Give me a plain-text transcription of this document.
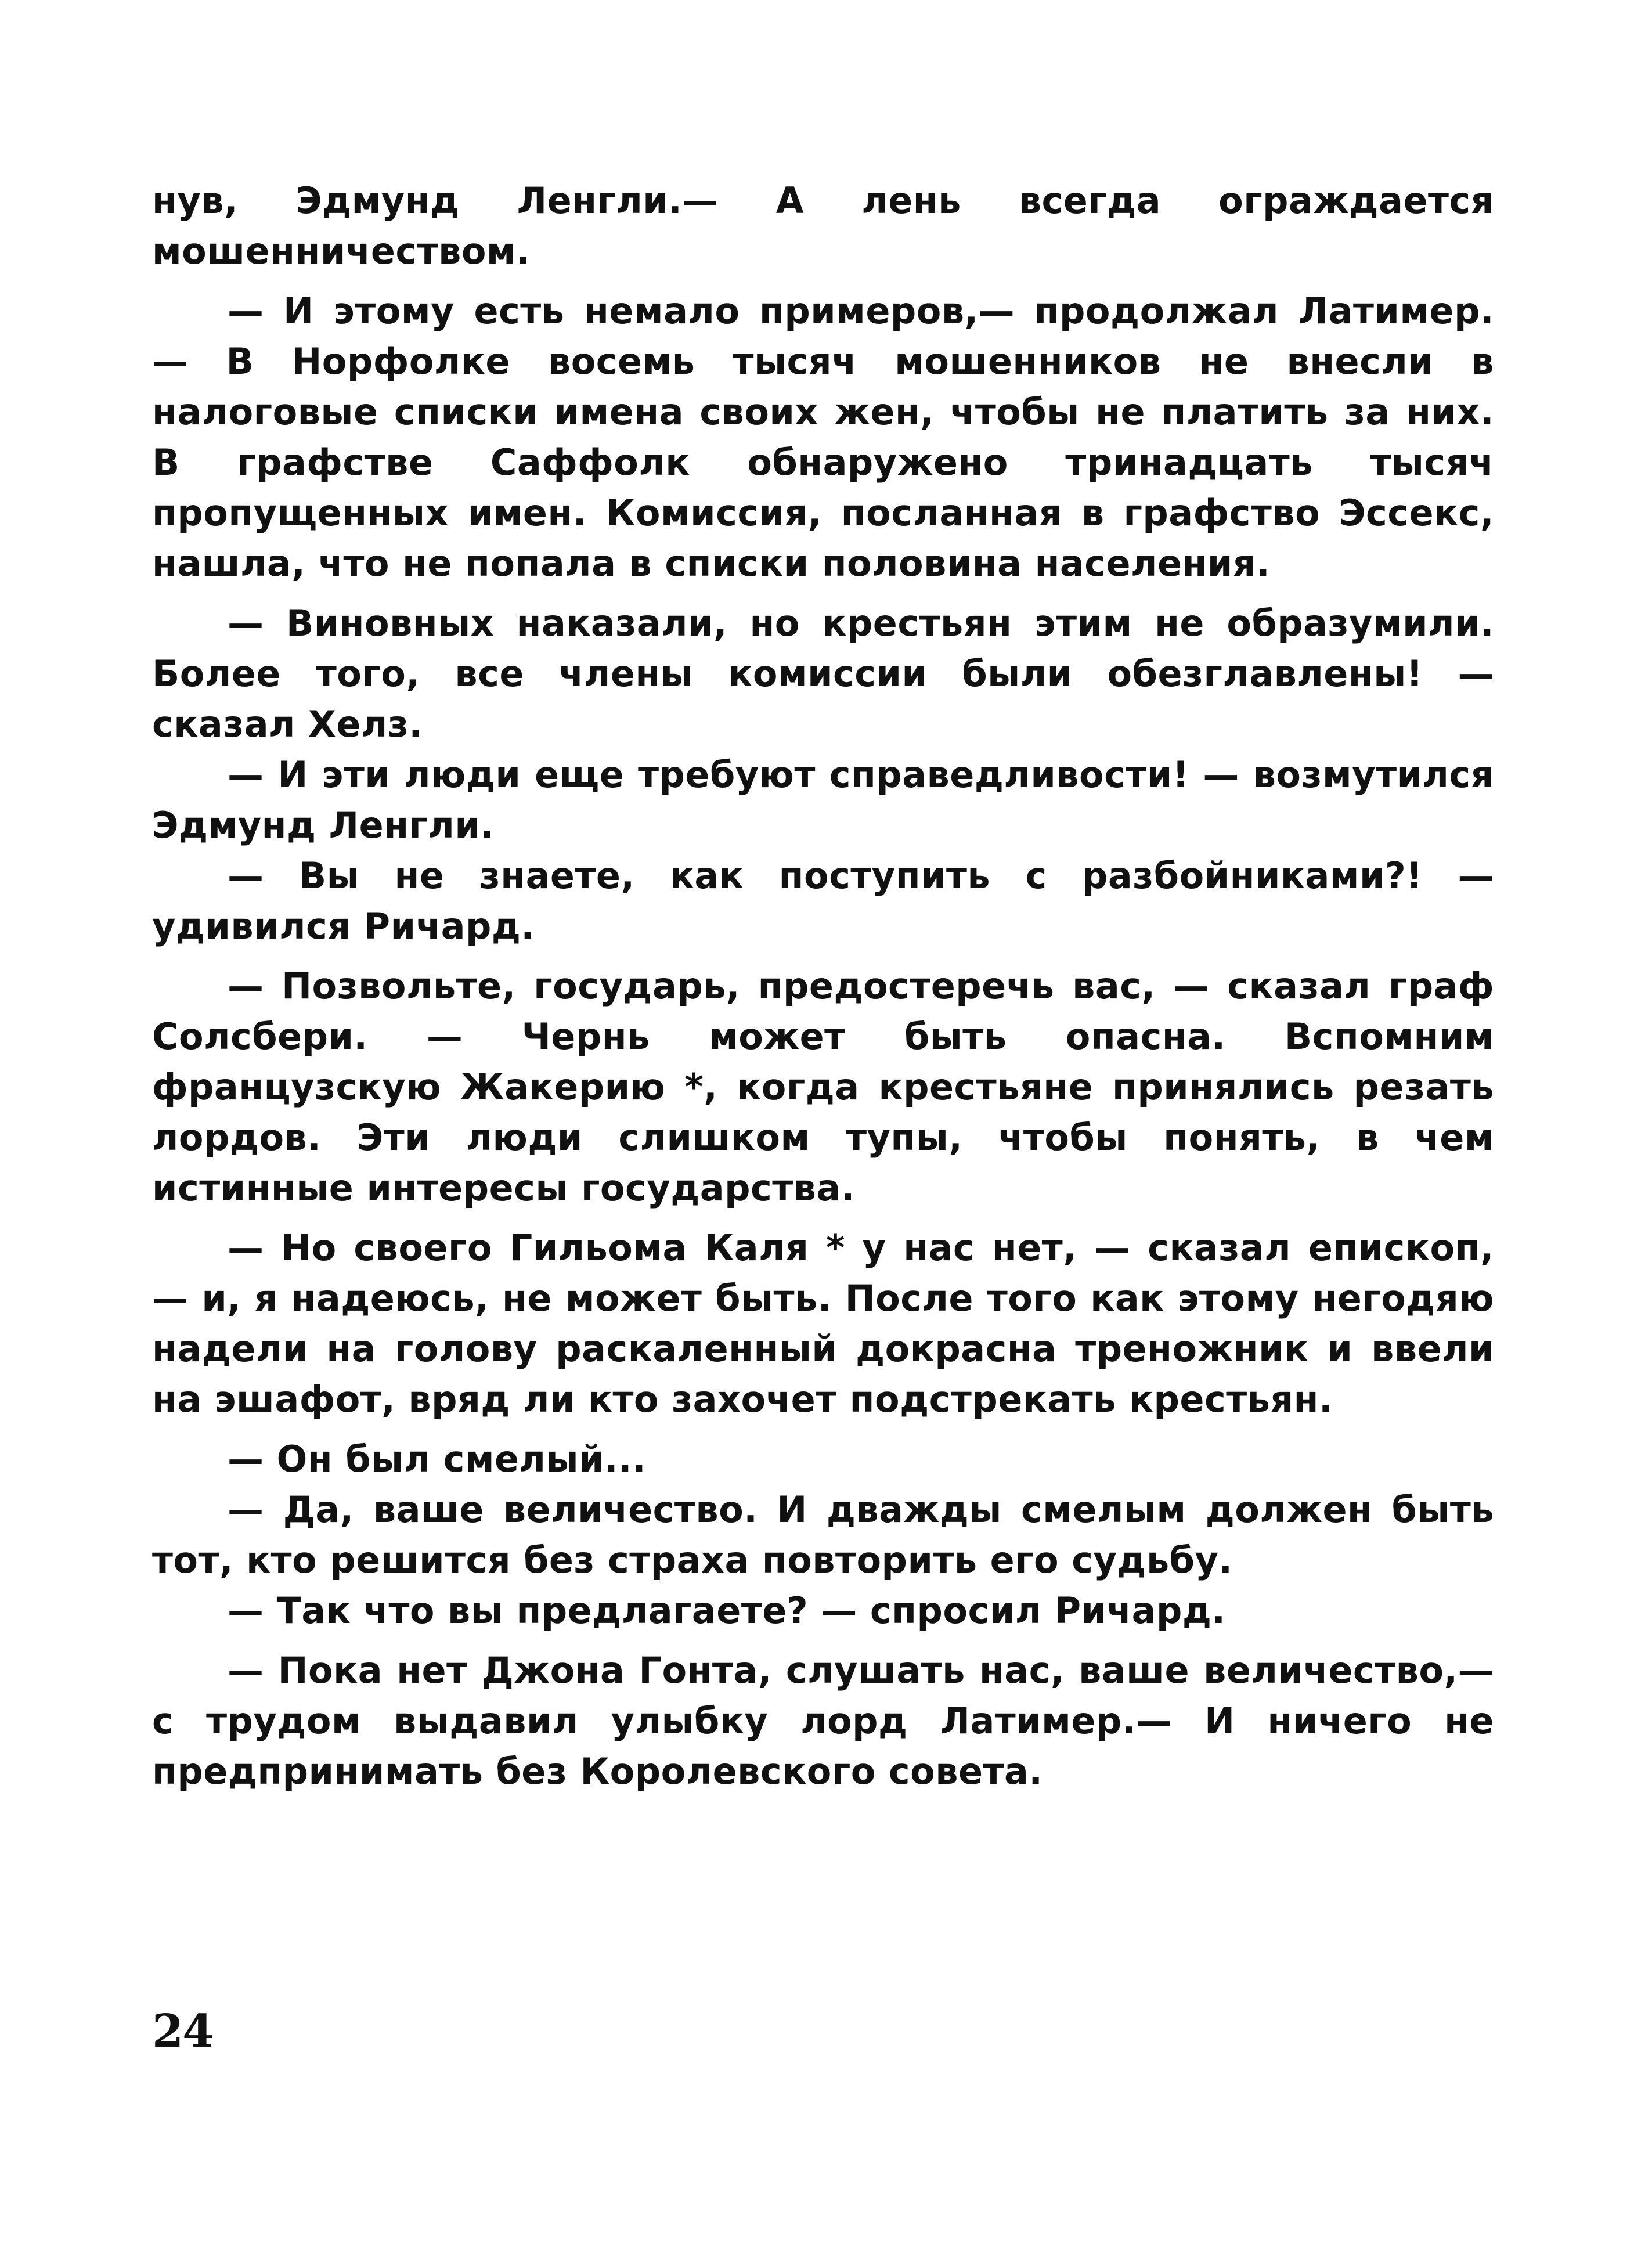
нув, Эдмунд Ленгли.— А лень всегда ограждается мошенничеством.

— И этому есть немало примеров,— продолжал Латимер. — В Норфолке восемь тысяч мошенников не внесли в налоговые списки имена своих жен, чтобы не платить за них. В графстве Саффолк обнаружено тринадцать тысяч пропущенных имен. Комиссия, посланная в графство Эссекс, нашла, что не попала в списки половина населения.

— Виновных наказали, но крестьян этим не образумили. Более того, все члены комиссии были обезглавлены! — сказал Хелз.

— И эти люди еще требуют справедливости! — возмутился Эдмунд Ленгли.

— Вы не знаете, как поступить с разбойниками?! — удивился Ричард.

— Позвольте, государь, предостеречь вас, — сказал граф Солсбери. — Чернь может быть опасна. Вспомним французскую Жакерию *, когда крестьяне принялись резать лордов. Эти люди слишком тупы, чтобы понять, в чем истинные интересы государства.

— Но своего Гильома Каля * у нас нет, — сказал епископ, — и, я надеюсь, не может быть. После того как этому негодяю надели на голову раскаленный докрасна треножник и ввели на эшафот, вряд ли кто захочет подстрекать крестьян.

— Он был смелый...

— Да, ваше величество. И дважды смелым должен быть тот, кто решится без страха повторить его судьбу.

— Так что вы предлагаете? — спросил Ричард.

— Пока нет Джона Гонта, слушать нас, ваше величество,— с трудом выдавил улыбку лорд Латимер.— И ничего не предпринимать без Королевского совета.

24
